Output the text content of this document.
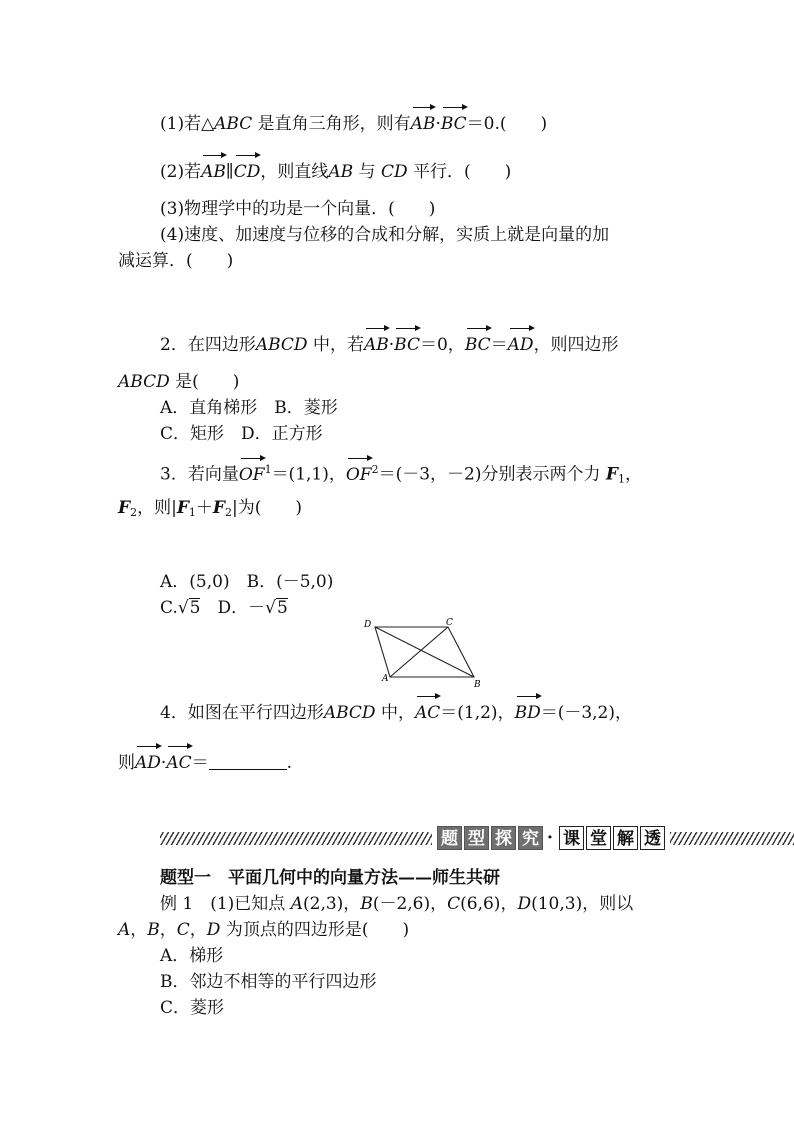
(1)若△ABC 是直角三角形，则有AB·BC＝0.(　　)
(2)若AB∥CD，则直线AB 与 CD 平行．(　　)
(3)物理学中的功是一个向量．(　　)
(4)速度、加速度与位移的合成和分解，实质上就是向量的加
减运算．(　　)
2．在四边形ABCD 中，若AB·BC＝0，BC＝AD，则四边形
ABCD 是(　　)
A．直角梯形　B．菱形
C．矩形　D．正方形
3．若向量$OF^1=(1,1)$，$OF^2=(-3$，－2)分别表示两个力 $F_1$，
$F_2$，则$|F_1+F_2|$为(　　)
A．(5,0)　B．(－5,0)
C.√5　D．－√5
D	C
A
B
4．如图在平行四边形ABCD 中，AC＝(1,2)，BD＝(－3,2)，
则AD·AC＝	.
题 型 探 究 · 课 堂 解 透
题型一　平面几何中的向量方法——师生共研
例 1　(1)已知点 A(2,3)，B(－2,6)，C(6,6)，D(10,3)，则以
A，B，C，D 为顶点的四边形是(　　)
A．梯形
B．邻边不相等的平行四边形
C．菱形
